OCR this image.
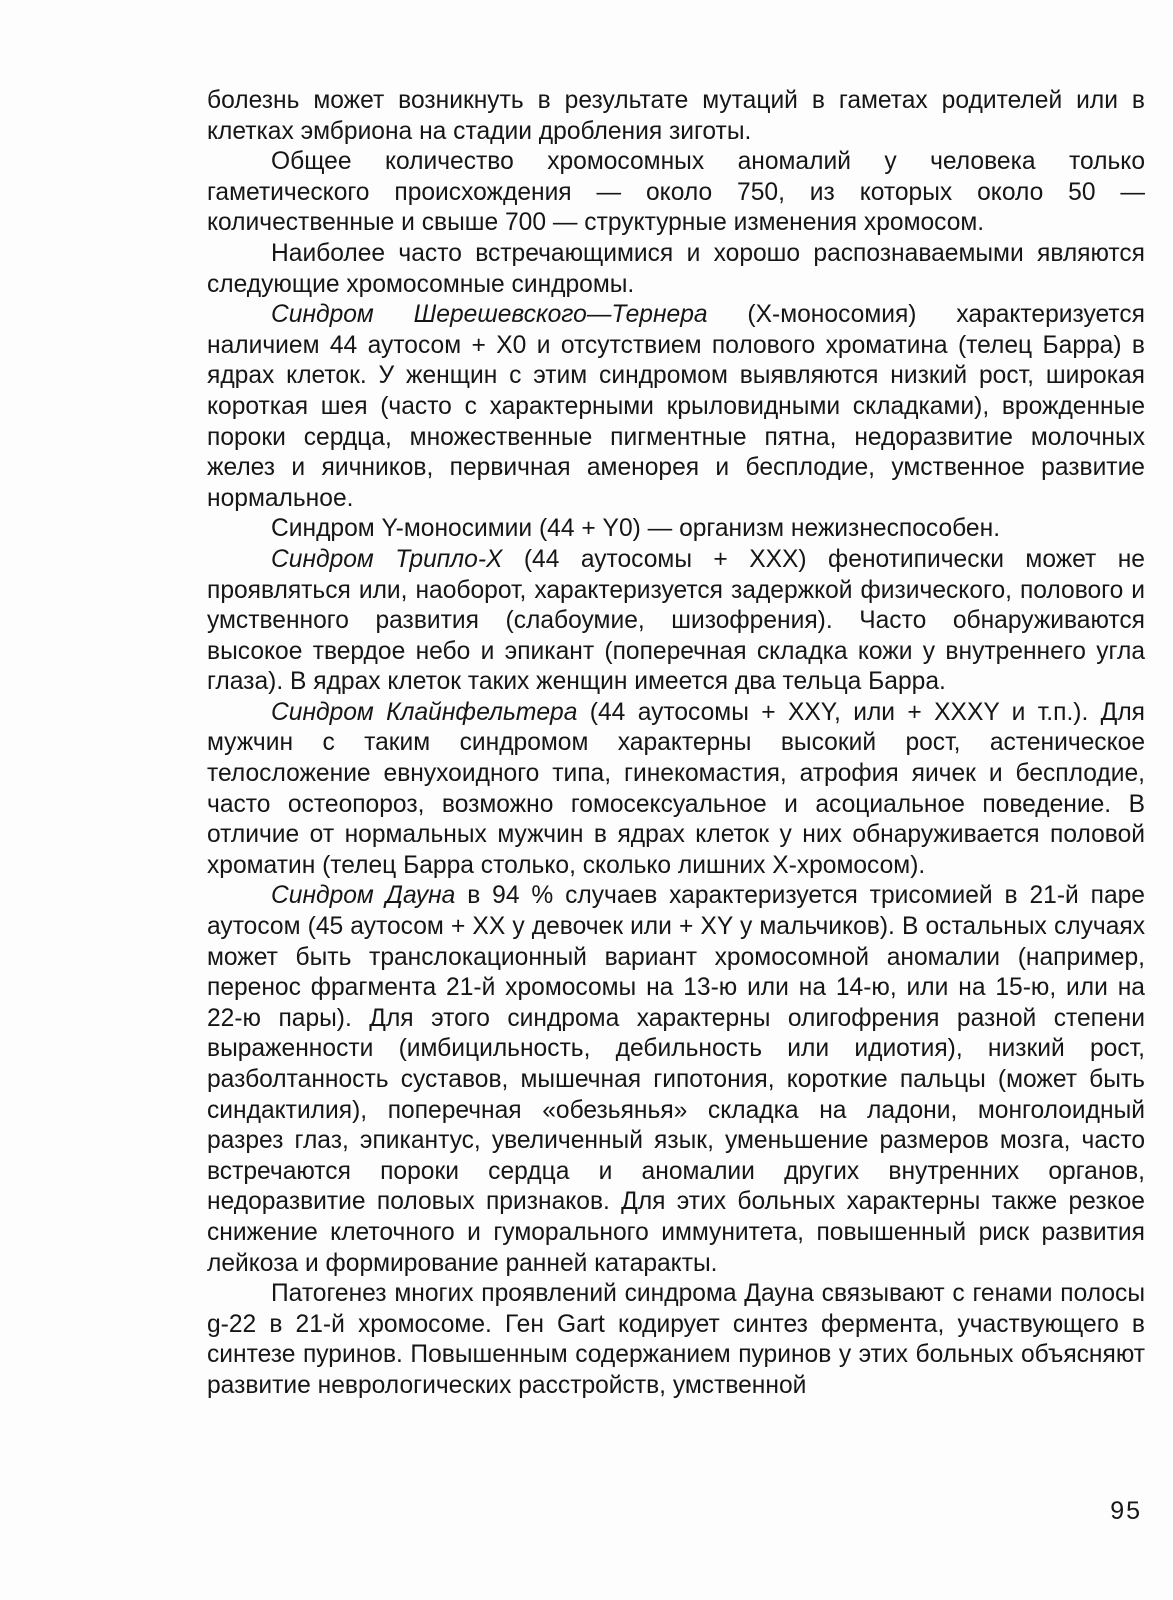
болезнь может возникнуть в результате мутаций в гаметах родителей или в клетках эмбриона на стадии дробления зиготы.

Общее количество хромосомных аномалий у человека только гаметического происхождения — около 750, из которых около 50 — количественные и свыше 700 — структурные изменения хромосом.

Наиболее часто встречающимися и хорошо распознаваемыми являются следующие хромосомные синдромы.

Синдром Шерешевского—Тернера (Х-моносомия) характеризуется наличием 44 аутосом + Х0 и отсутствием полового хроматина (телец Барра) в ядрах клеток. У женщин с этим синдромом выявляются низкий рост, широкая короткая шея (часто с характерными крыловидными складками), врожденные пороки сердца, множественные пигментные пятна, недоразвитие молочных желез и яичников, первичная аменорея и бесплодие, умственное развитие нормальное.

Синдром Y-моносимии (44 + Y0) — организм нежизнеспособен.

Синдром Трипло-Х (44 аутосомы + ХХХ) фенотипически может не проявляться или, наоборот, характеризуется задержкой физического, полового и умственного развития (слабоумие, шизофрения). Часто обнаруживаются высокое твердое небо и эпикант (поперечная складка кожи у внутреннего угла глаза). В ядрах клеток таких женщин имеется два тельца Барра.

Синдром Клайнфельтера (44 аутосомы + ХХY, или + ХХХY и т.п.). Для мужчин с таким синдромом характерны высокий рост, астеническое телосложение евнухоидного типа, гинекомастия, атрофия яичек и бесплодие, часто остеопороз, возможно гомосексуальное и асоциальное поведение. В отличие от нормальных мужчин в ядрах клеток у них обнаруживается половой хроматин (телец Барра столько, сколько лишних Х-хромосом).

Синдром Дауна в 94 % случаев характеризуется трисомией в 21-й паре аутосом (45 аутосом + ХХ у девочек или + ХY у мальчиков). В остальных случаях может быть транслокационный вариант хромосомной аномалии (например, перенос фрагмента 21-й хромосомы на 13-ю или на 14-ю, или на 15-ю, или на 22-ю пары). Для этого синдрома характерны олигофрения разной степени выраженности (имбицильность, дебильность или идиотия), низкий рост, разболтанность суставов, мышечная гипотония, короткие пальцы (может быть синдактилия), поперечная «обезьянья» складка на ладони, монголоидный разрез глаз, эпикантус, увеличенный язык, уменьшение размеров мозга, часто встречаются пороки сердца и аномалии других внутренних органов, недоразвитие половых признаков. Для этих больных характерны также резкое снижение клеточного и гуморального иммунитета, повышенный риск развития лейкоза и формирование ранней катаракты.

Патогенез многих проявлений синдрома Дауна связывают с генами полосы g-22 в 21-й хромосоме. Ген Gart кодирует синтез фермента, участвующего в синтезе пуринов. Повышенным содержанием пуринов у этих больных объясняют развитие неврологических расстройств, умственной

95
